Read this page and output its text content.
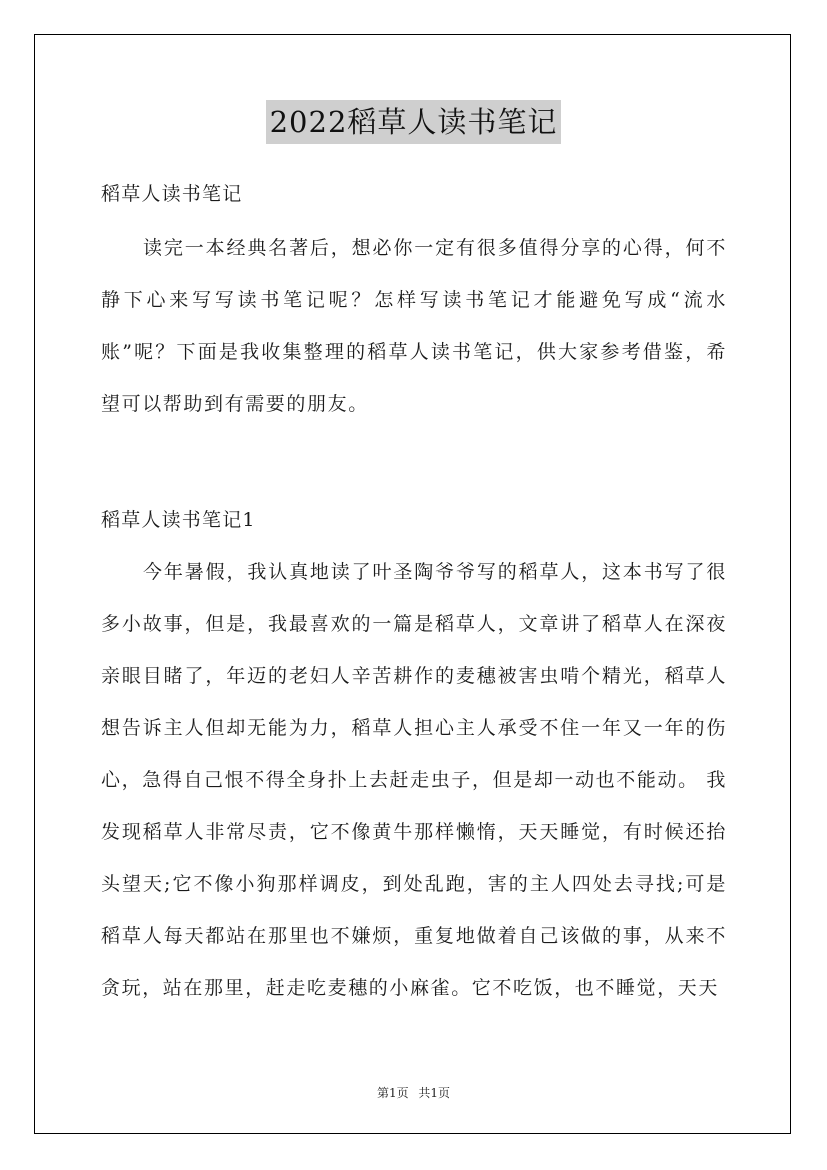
2022稻草人读书笔记
稻草人读书笔记

读完一本经典名著后，想必你一定有很多值得分享的心得，何不静下心来写写读书笔记呢？怎样写读书笔记才能避免写成“流水账”呢？下面是我收集整理的稻草人读书笔记，供大家参考借鉴，希望可以帮助到有需要的朋友。

稻草人读书笔记1

今年暑假，我认真地读了叶圣陶爷爷写的稻草人，这本书写了很多小故事，但是，我最喜欢的一篇是稻草人，文章讲了稻草人在深夜亲眼目睹了，年迈的老妇人辛苦耕作的麦穗被害虫啃个精光，稻草人想告诉主人但却无能为力，稻草人担心主人承受不住一年又一年的伤心，急得自己恨不得全身扑上去赶走虫子，但是却一动也不能动。 我发现稻草人非常尽责，它不像黄牛那样懒惰，天天睡觉，有时候还抬头望天;它不像小狗那样调皮，到处乱跑，害的主人四处去寻找;可是稻草人每天都站在那里也不嫌烦，重复地做着自己该做的事，从来不贪玩，站在那里，赶走吃麦穗的小麻雀。它不吃饭，也不睡觉，天天

第1页 共1页
